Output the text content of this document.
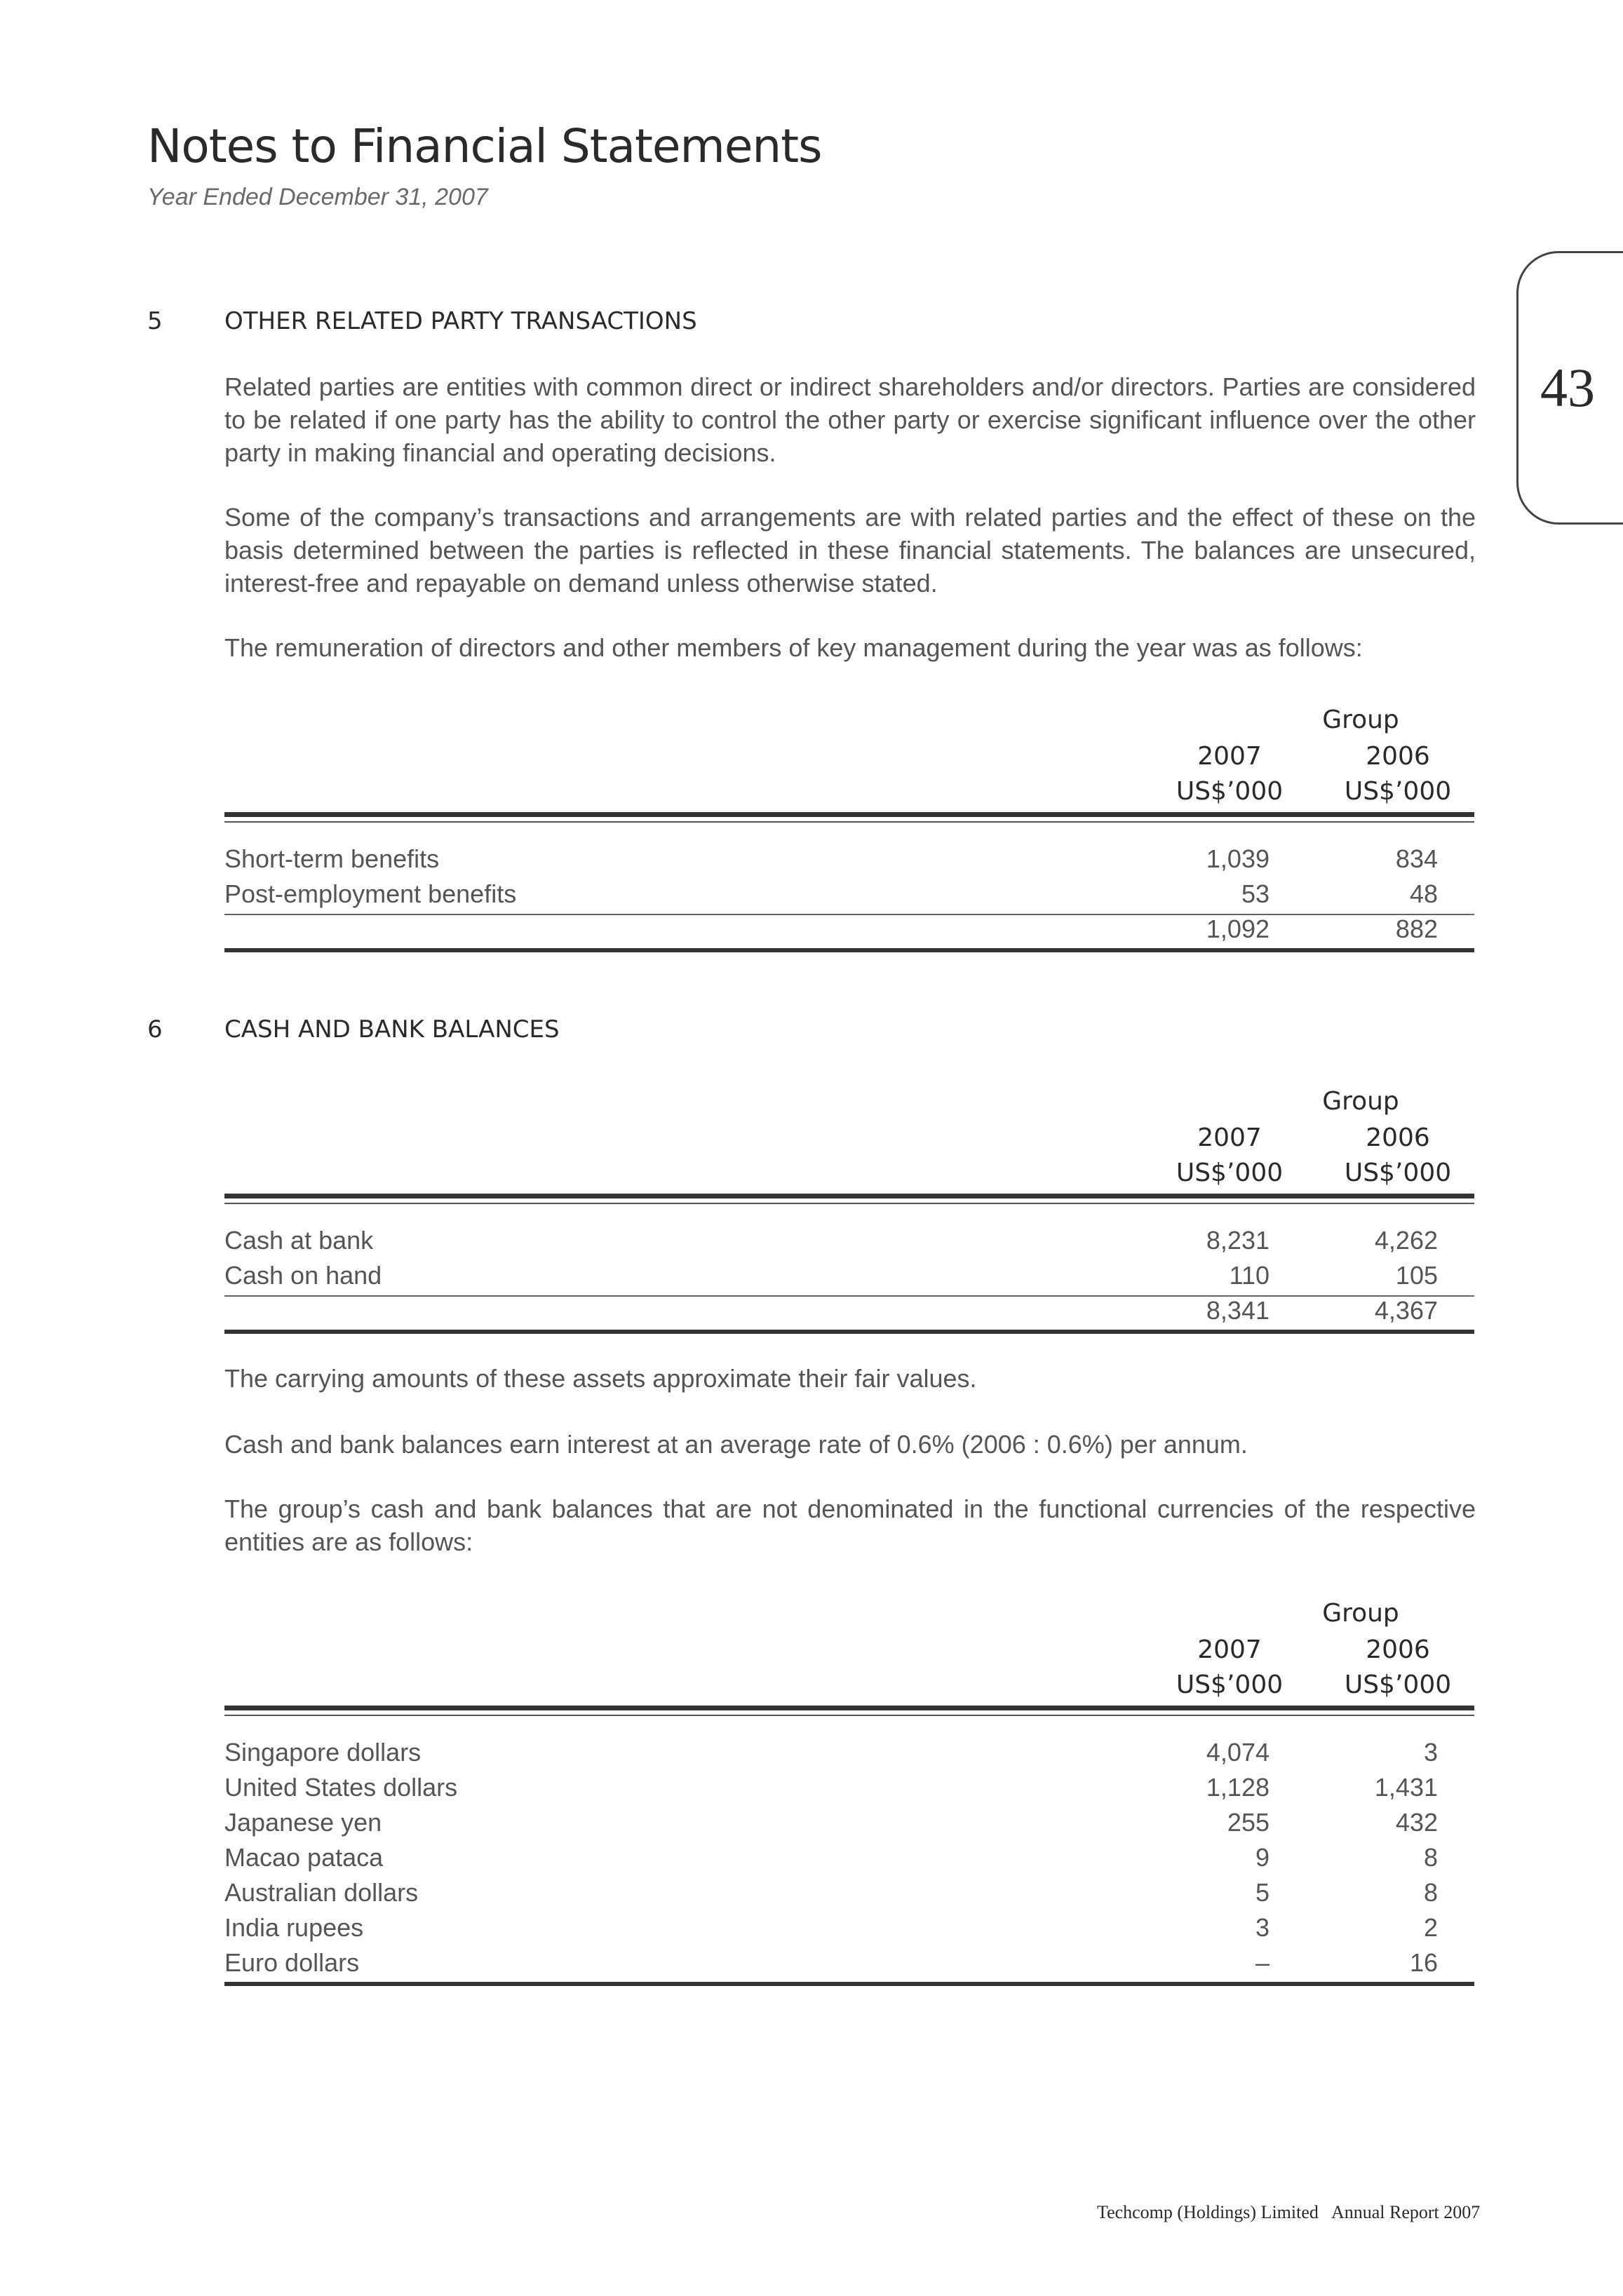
Notes to Financial Statements
Year Ended December 31, 2007
43
5	OTHER RELATED PARTY TRANSACTIONS
Related parties are entities with common direct or indirect shareholders and/or directors. Parties are considered to be related if one party has the ability to control the other party or exercise significant influence over the other party in making financial and operating decisions.
Some of the company’s transactions and arrangements are with related parties and the effect of these on the basis determined between the parties is reflected in these financial statements. The balances are unsecured, interest-free and repayable on demand unless otherwise stated.
The remuneration of directors and other members of key management during the year was as follows:
Group
2007	2006
US$’000	US$’000
Short-term benefits	1,039	834
Post-employment benefits	53	48
1,092	882
6	CASH AND BANK BALANCES
Group
2007	2006
US$’000	US$’000
Cash at bank	8,231	4,262
Cash on hand	110	105
8,341	4,367
The carrying amounts of these assets approximate their fair values.
Cash and bank balances earn interest at an average rate of 0.6% (2006 : 0.6%) per annum.
The group’s cash and bank balances that are not denominated in the functional currencies of the respective entities are as follows:
Group
2007	2006
US$’000	US$’000
Singapore dollars	4,074	3
United States dollars	1,128	1,431
Japanese yen	255	432
Macao pataca	9	8
Australian dollars	5	8
India rupees	3	2
Euro dollars	–	16
Techcomp (Holdings) Limited   Annual Report 2007
